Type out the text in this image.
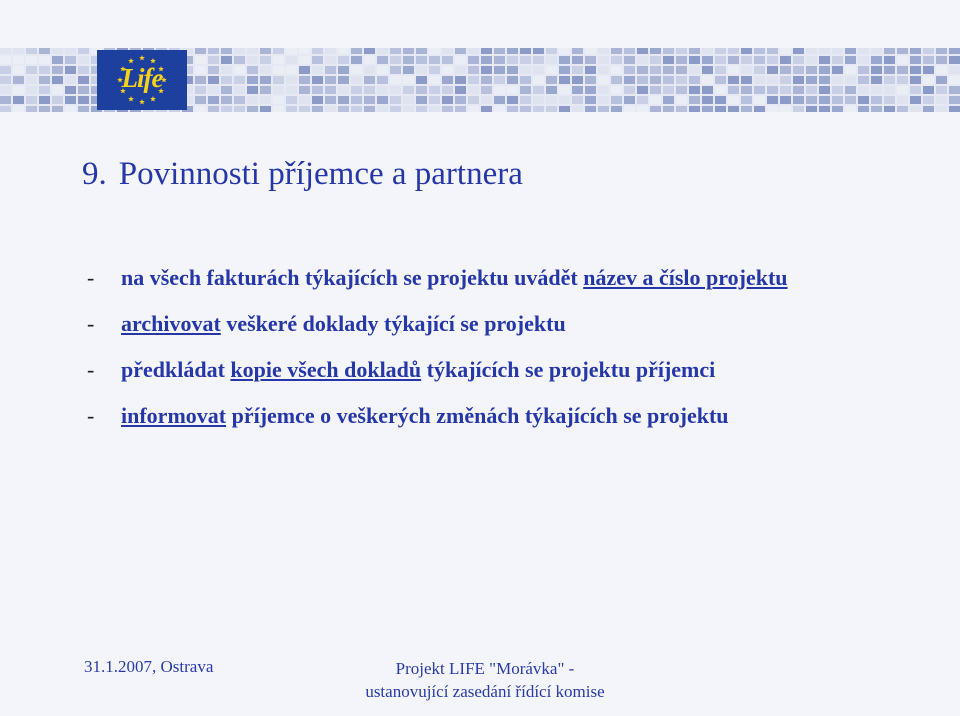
Life
9. Povinnosti příjemce a partnera
- na všech fakturách týkajících se projektu uvádět název a číslo projektu
- archivovat veškeré doklady týkající se projektu
- předkládat kopie všech dokladů týkajících se projektu příjemci
- informovat příjemce o veškerých změnách týkajících se projektu
31.1.2007, Ostrava	Projekt LIFE "Morávka" -
ustanovující zasedání řídící komise
